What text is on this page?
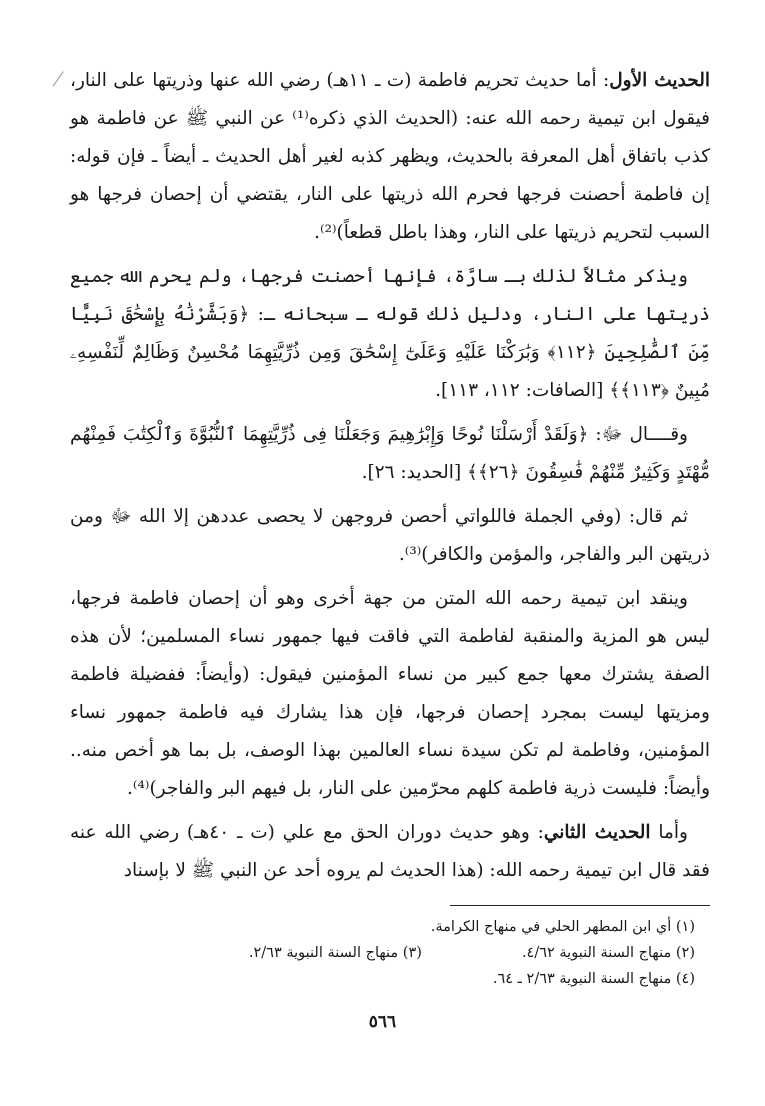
الحديث الأول: أما حديث تحريم فاطمة (ت ـ ١١هـ) رضي الله عنها وذريتها على النار، فيقول ابن تيمية رحمه الله عنه: (الحديث الذي ذكره⁽¹⁾ عن النبي ﷺ عن فاطمة هو كذب باتفاق أهل المعرفة بالحديث، ويظهر كذبه لغير أهل الحديث ـ أيضاً ـ فإن قوله: إن فاطمة أحصنت فرجها فحرم الله ذريتها على النار، يقتضي أن إحصان فرجها هو السبب لتحريم ذريتها على النار، وهذا باطل قطعاً)⁽²⁾.

ويذكر مثالاً لذلك بـ سارَّة، فإنها أحصنت فرجها، ولم يحرم الله جميع ذريتها على النار، ودليل ذلك قوله ـ سبحانه ـ: ﴿وَبَشَّرْنَٰهُ بِإِسْحَٰقَ نَبِيًّا مِّنَ ٱلصَّٰلِحِينَ ﴿١١٢﴾ وَبَٰرَكْنَا عَلَيْهِ وَعَلَىٰٓ إِسْحَٰقَ وَمِن ذُرِّيَّتِهِمَا مُحْسِنٌ وَظَالِمٌ لِّنَفْسِهِۦ مُبِينٌ ﴿١١٣﴾﴾ [الصافات: ١١٢، ١١٣].

وقــــال ﷻ: ﴿وَلَقَدْ أَرْسَلْنَا نُوحًا وَإِبْرَٰهِيمَ وَجَعَلْنَا فِى ذُرِّيَّتِهِمَا ٱلنُّبُوَّةَ وَٱلْكِتَٰبَ فَمِنْهُم مُّهْتَدٍ وَكَثِيرٌ مِّنْهُمْ فَٰسِقُونَ ﴿٢٦﴾﴾ [الحديد: ٢٦].

ثم قال: (وفي الجملة فاللواتي أحصن فروجهن لا يحصى عددهن إلا الله ﷻ ومن ذريتهن البر والفاجر، والمؤمن والكافر)⁽³⁾.

وينقد ابن تيمية رحمه الله المتن من جهة أخرى وهو أن إحصان فاطمة فرجها، ليس هو المزية والمنقبة لفاطمة التي فاقت فيها جمهور نساء المسلمين؛ لأن هذه الصفة يشترك معها جمع كبير من نساء المؤمنين فيقول: (وأيضاً: ففضيلة فاطمة ومزيتها ليست بمجرد إحصان فرجها، فإن هذا يشارك فيه فاطمة جمهور نساء المؤمنين، وفاطمة لم تكن سيدة نساء العالمين بهذا الوصف، بل بما هو أخص منه.. وأيضاً: فليست ذرية فاطمة كلهم محرّمين على النار، بل فيهم البر والفاجر)⁽⁴⁾.

وأما الحديث الثاني: وهو حديث دوران الحق مع علي (ت ـ ٤٠هـ) رضي الله عنه فقد قال ابن تيمية رحمه الله: (هذا الحديث لم يروه أحد عن النبي ﷺ لا بإسناد

(١) أي ابن المطهر الحلي في منهاج الكرامة.
(٢) منهاج السنة النبوية ٤/٦٢.
(٣) منهاج السنة النبوية ٢/٦٣.
(٤) منهاج السنة النبوية ٢/٦٣ ـ ٦٤.
٥٦٦
